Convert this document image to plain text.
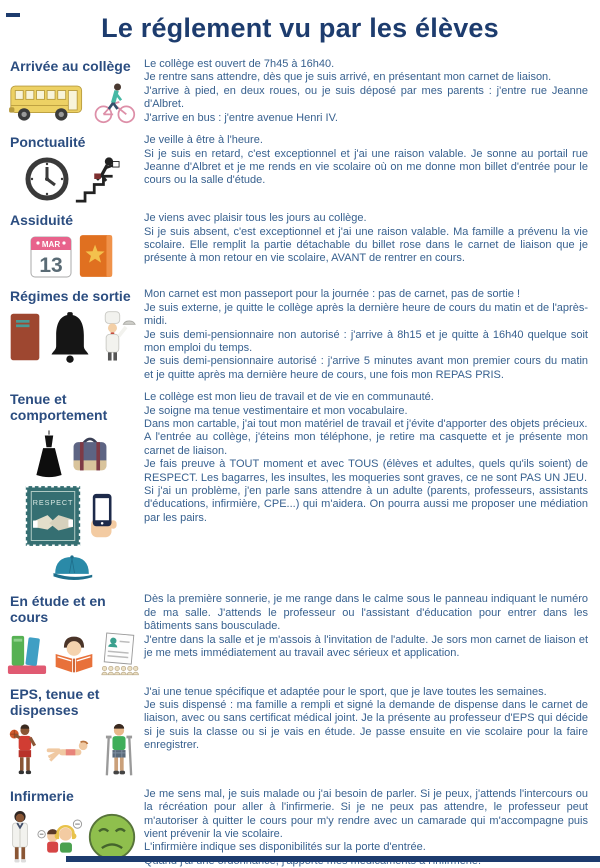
Le réglement vu par les élèves
Arrivée au collège	Le collège est ouvert de 7h45 à 16h40.

Je rentre sans attendre, dès que je suis arrivé, en présentant mon carnet de liaison.

J'arrive à pied, en deux roues, ou je suis déposé par mes parents : j'entre rue Jeanne d'Albret.

J'arrive en bus : j'entre avenue Henri IV.

Ponctualité	Je veille à être à l'heure.

Si je suis en retard, c'est exceptionnel et j'ai une raison valable. Je sonne au portail rue Jeanne d'Albret et je me rends en vie scolaire où on me donne mon billet d'entrée pour le cours ou la salle d'étude.

Assiduité
MAR
13

Je viens avec plaisir tous les jours au collège.

Si je suis absent, c'est exceptionnel et j'ai une raison valable. Ma famille a prévenu la vie scolaire. Elle remplit la partie détachable du billet rose dans le carnet de liaison que je présente à mon retour en vie scolaire, AVANT de rentrer en cours.

Régimes de sortie	Mon carnet est mon passeport pour la journée : pas de carnet, pas de sortie !

Je suis externe, je quitte le collège après la dernière heure de cours du matin et de l'après-midi.

Je suis demi-pensionnaire non autorisé : j'arrive à 8h15 et je quitte à 16h40 quelque soit mon emploi du temps.

Je suis demi-pensionnaire autorisé : j'arrive 5 minutes avant mon premier cours du matin et je quitte après ma dernière heure de cours, une fois mon REPAS PRIS.

Tenue et comportement
RESPECT

Le collège est mon lieu de travail et de vie en communauté.

Je soigne ma tenue vestimentaire et mon vocabulaire.

Dans mon cartable, j'ai tout mon matériel de travail et j'évite d'apporter des objets précieux.

A l'entrée au collège, j'éteins mon téléphone, je retire ma casquette et je présente mon carnet de liaison.

Je fais preuve à TOUT moment et avec TOUS (élèves et adultes, quels qu'ils soient) de RESPECT. Les bagarres, les insultes, les moqueries sont graves, ce ne sont PAS UN JEU.

Si j'ai un problème, j'en parle sans attendre à un adulte (parents, professeurs, assistants d'éducations, infirmière, CPE...) qui m'aidera. On pourra aussi me proposer une médiation par les pairs.

En étude et en cours

Dès la première sonnerie, je me range dans le calme sous le panneau indiquant le numéro de ma salle. J'attends le professeur ou l'assistant d'éducation pour entrer dans les bâtiments sans bousculade.

J'entre dans la salle et je m'assois à l'invitation de l'adulte. Je sors mon carnet de liaison et je me mets immédiatement au travail avec sérieux et application.

EPS, tenue et dispenses

J'ai une tenue spécifique et adaptée pour le sport, que je lave toutes les semaines.

Je suis dispensé : ma famille a rempli et signé la demande de dispense dans le carnet de liaison, avec ou sans certificat médical joint. Je la présente au professeur d'EPS qui décide si je suis la classe ou si je vais en étude. Je passe ensuite en vie scolaire pour la faire enregistrer.

Infirmerie	Je me sens mal, je suis malade ou j'ai besoin de parler. Si je peux, j'attends l'intercours ou la récréation pour aller à l'infirmerie. Si je ne peux pas attendre, le professeur peut m'autoriser à quitter le cours pour m'y rendre avec un camarade qui m'accompagne puis vient prévenir la vie scolaire.

L'infirmière indique ses disponibilités sur la porte d'entrée.
